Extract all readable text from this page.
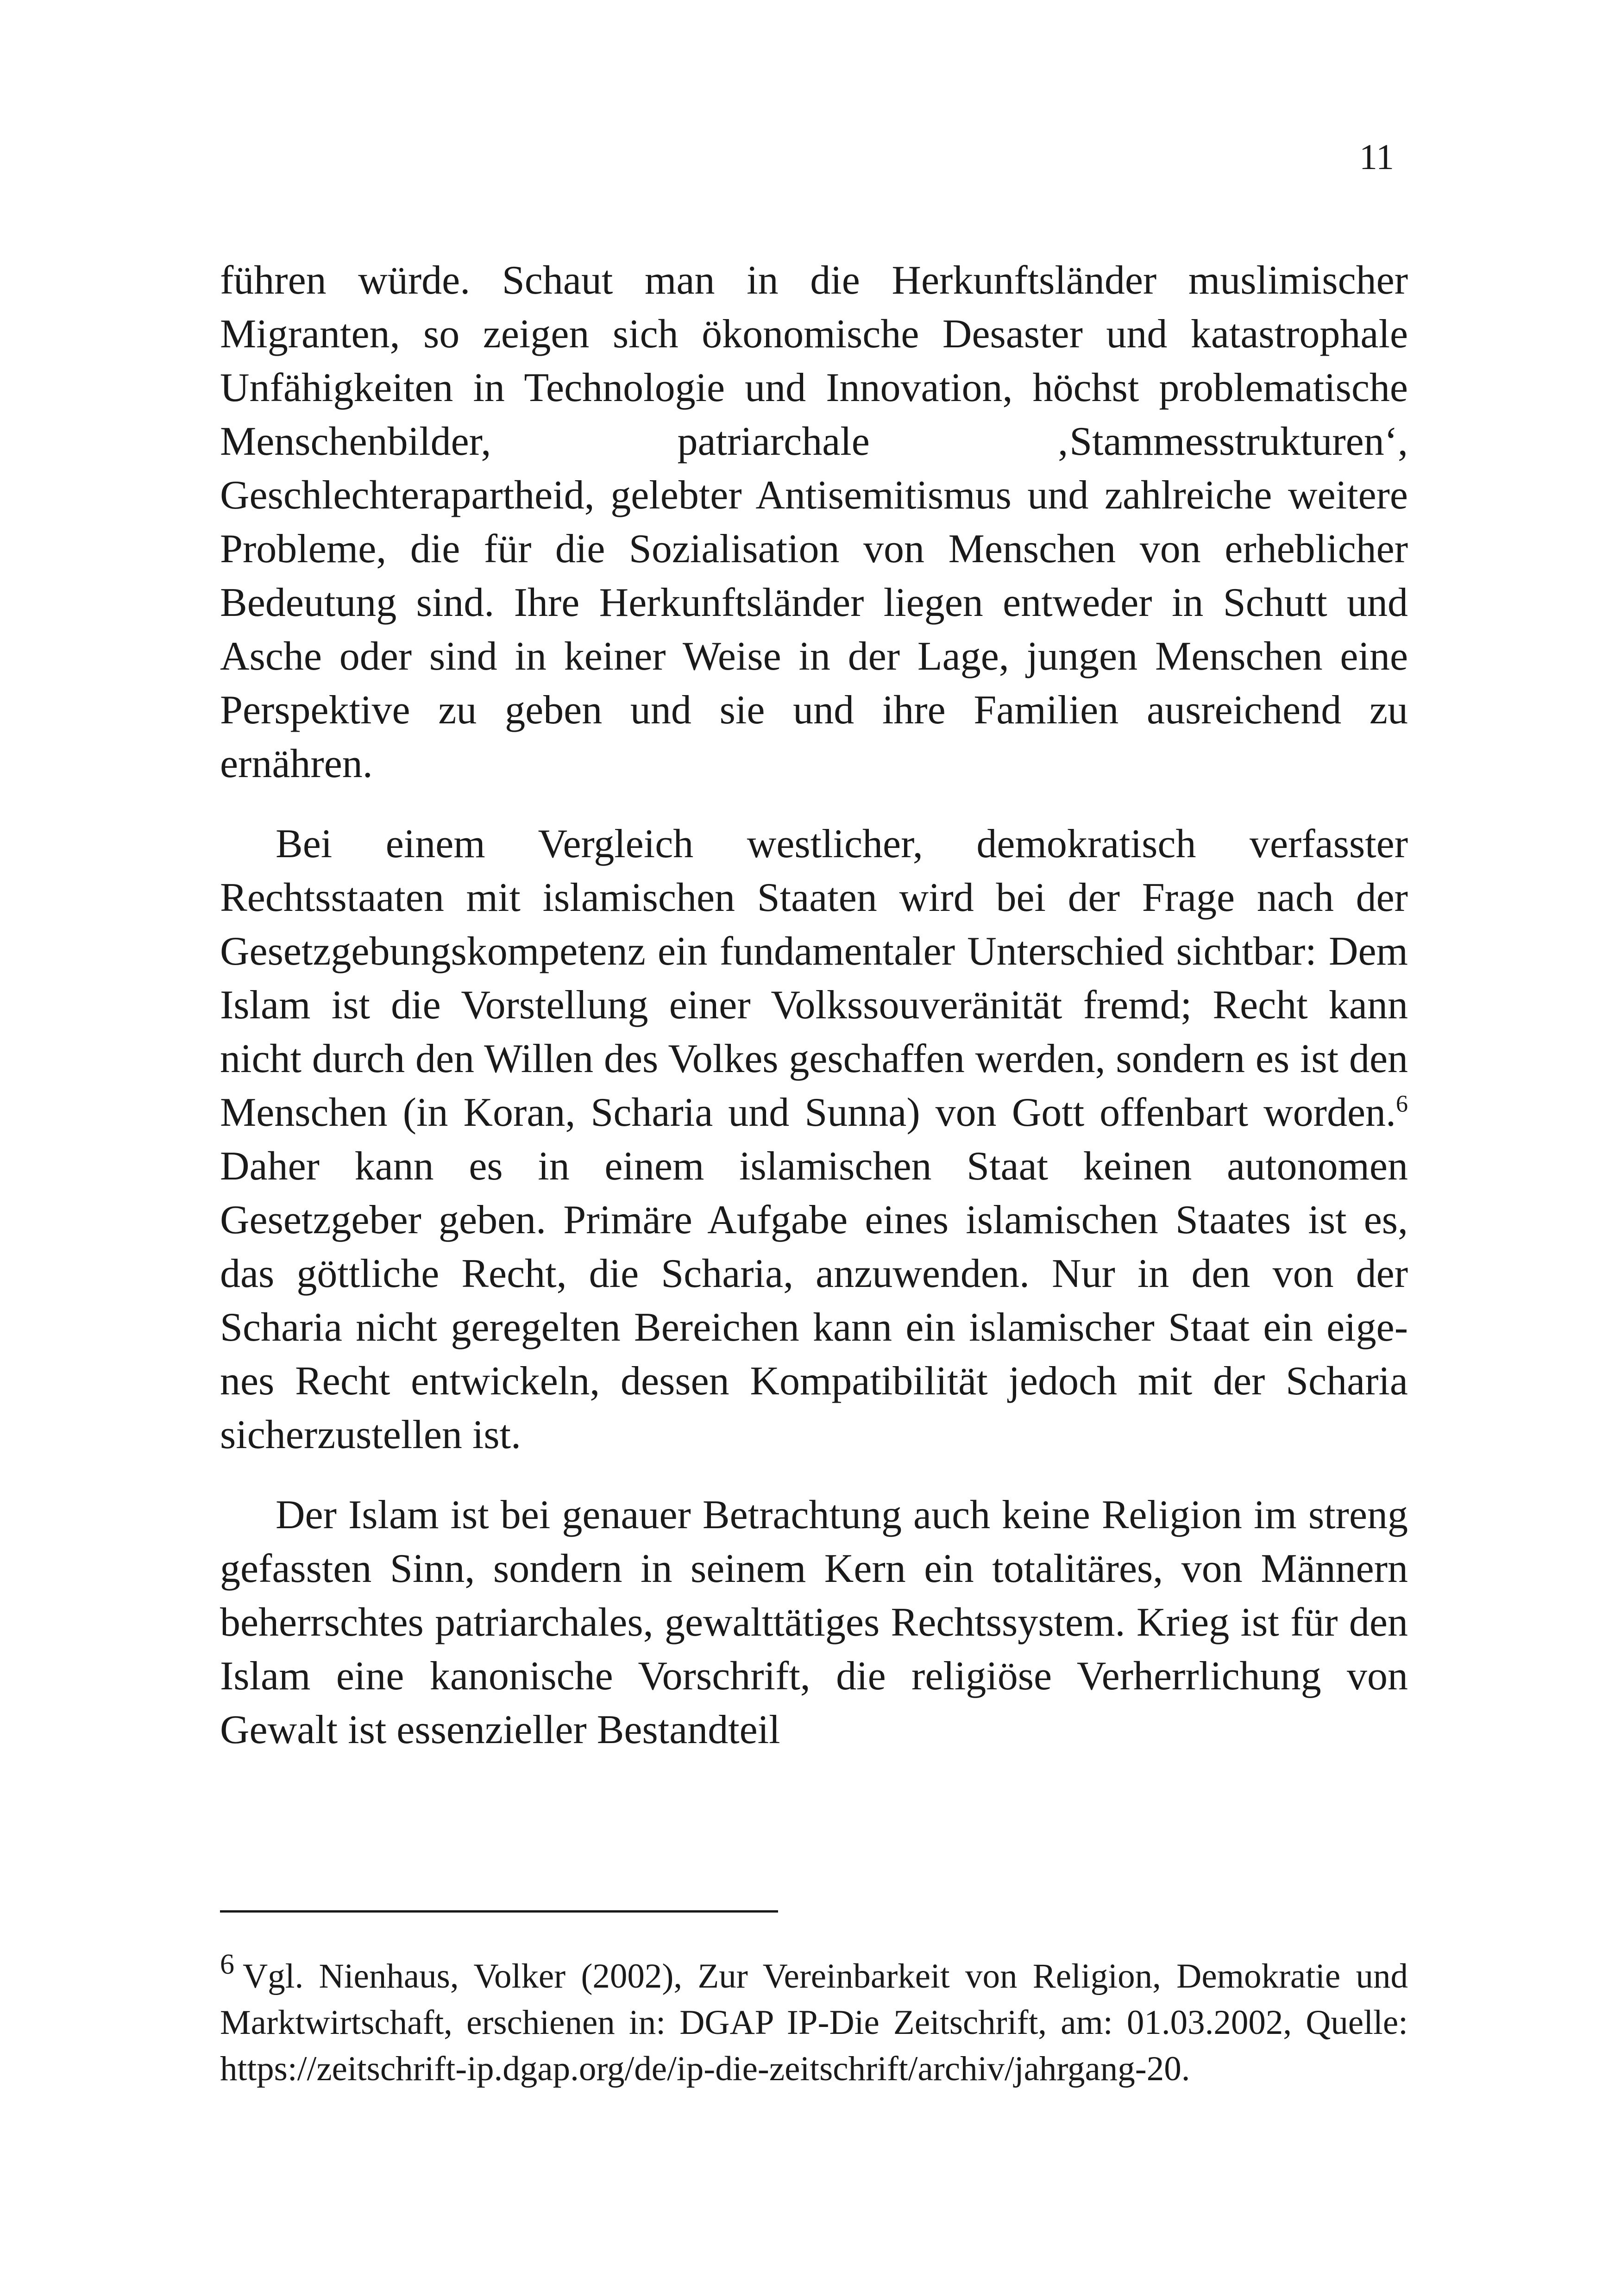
11

führen würde. Schaut man in die Herkunftsländer muslimischer Migranten, so zeigen sich ökonomische Desaster und katastrophale Unfähigkeiten in Technologie und Innovation, höchst problematische Menschenbilder, patriarchale ‚Stammesstrukturen‘, Geschlechterapartheid, gelebter Antisemitismus und zahlreiche weitere Probleme, die für die Sozialisation von Menschen von erheblicher Bedeutung sind. Ihre Herkunftsländer liegen entweder in Schutt und Asche oder sind in keiner Weise in der Lage, jungen Menschen eine Perspektive zu geben und sie und ihre Familien ausreichend zu ernähren.

Bei einem Vergleich westlicher, demokratisch verfasster Rechtsstaaten mit islamischen Staaten wird bei der Frage nach der Gesetzgebungskompetenz ein fundamentaler Unterschied sichtbar: Dem Islam ist die Vorstellung einer Volkssouveränität fremd; Recht kann nicht durch den Willen des Volkes geschaffen werden, sondern es ist den Menschen (in Koran, Scharia und Sunna) von Gott offenbart worden.$^6$ Daher kann es in einem islamischen Staat keinen autonomen Gesetzgeber geben. Primäre Aufgabe eines islamischen Staates ist es, das göttliche Recht, die Scharia, anzuwenden. Nur in den von der Scharia nicht geregelten Bereichen kann ein islamischer Staat ein eigenes Recht entwickeln, dessen Kompatibilität jedoch mit der Scharia sicherzustellen ist.

Der Islam ist bei genauer Betrachtung auch keine Religion im streng gefassten Sinn, sondern in seinem Kern ein totalitäres, von Männern beherrschtes patriarchales, gewalttätiges Rechtssystem. Krieg ist für den Islam eine kanonische Vorschrift, die religiöse Verherrlichung von Gewalt ist essenzieller Bestandteil

$^6$ Vgl. Nienhaus, Volker (2002), Zur Vereinbarkeit von Religion, Demokratie und Marktwirtschaft, erschienen in: DGAP IP-Die Zeitschrift, am: 01.03.2002, Quelle: https://zeitschrift-ip.dgap.org/de/ip-die-zeitschrift/archiv/jahrgang-20.
